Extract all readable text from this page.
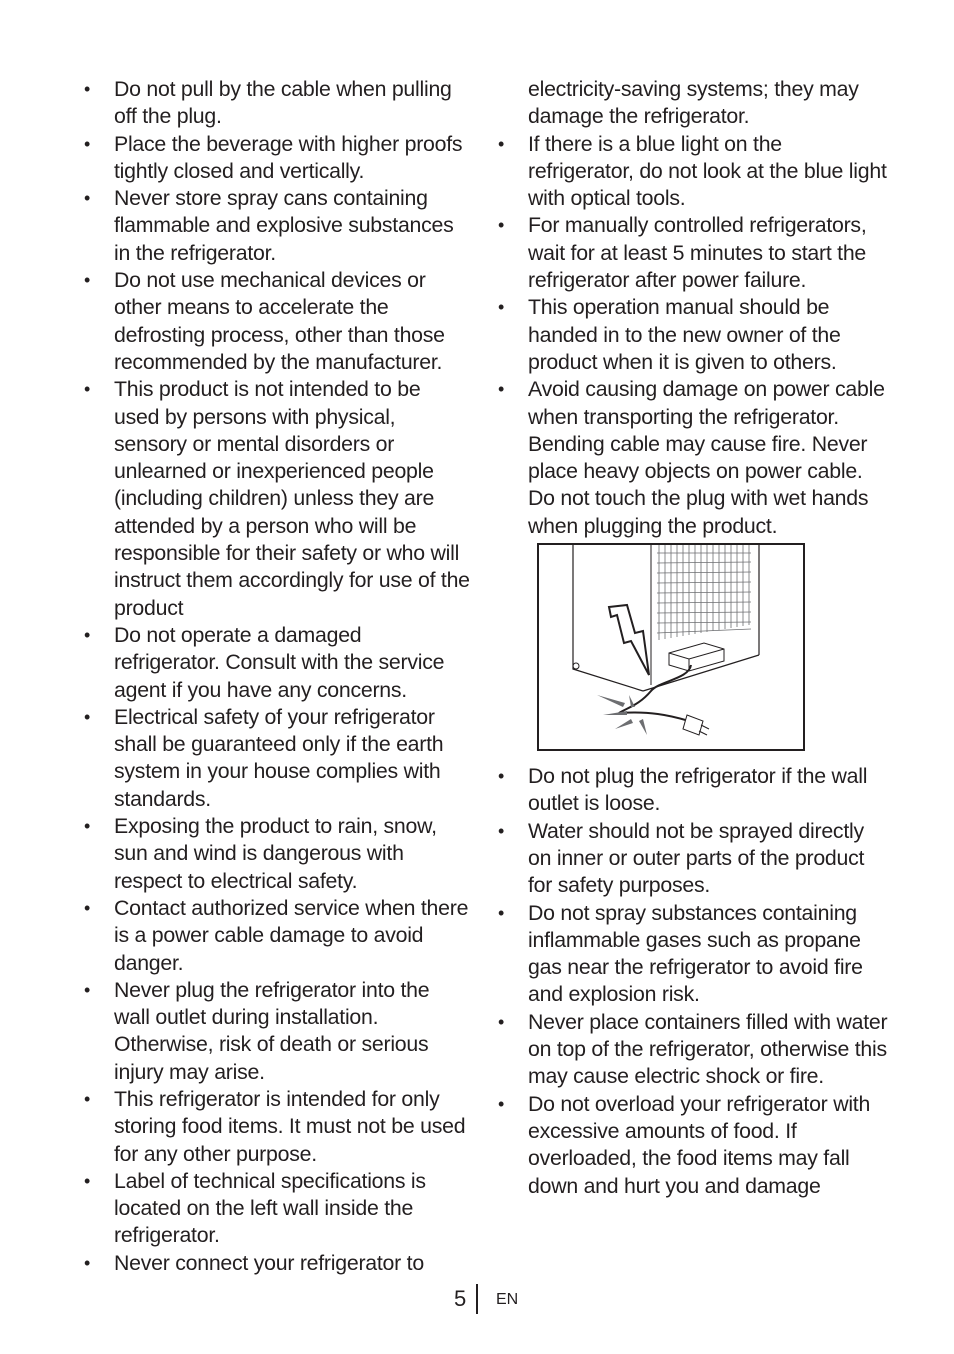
• Do not pull by the cable when pulling off the plug.
• Place the beverage with higher proofs tightly closed and vertically.
• Never store spray cans containing flammable and explosive substances in the refrigerator.
• Do not use mechanical devices or other means to accelerate the defrosting process, other than those recommended by the manufacturer.
• This product is not intended to be used by persons with physical, sensory or mental disorders or unlearned or inexperienced people (including children) unless they are attended by a person who will be responsible for their safety or who will instruct them accordingly for use of the product
• Do not operate a damaged refrigerator. Consult with the service agent if you have any concerns.
• Electrical safety of your refrigerator shall be guaranteed only if the earth system in your house complies with standards.
• Exposing the product to rain, snow, sun and wind is dangerous with respect to electrical safety.
• Contact authorized service when there is a power cable damage to avoid danger.
• Never plug the refrigerator into the wall outlet during installation. Otherwise, risk of death or serious injury may arise.
• This refrigerator is intended for only storing food items. It must not be used for any other purpose.
• Label of technical specifications is located on the left wall inside the refrigerator.
• Never connect your refrigerator to
electricity-saving systems; they may damage the refrigerator.
• If there is a blue light on the refrigerator, do not look at the blue light with optical tools.
• For manually controlled refrigerators, wait for at least 5 minutes to start the refrigerator after power failure.
• This operation manual should be handed in to the new owner of the product when it is given to others.
• Avoid causing damage on power cable when transporting the refrigerator. Bending cable may cause fire. Never place heavy objects on power cable. Do not touch the plug with wet hands when plugging the product.
• Do not plug the refrigerator if the wall outlet is loose.
• Water should not be sprayed directly on inner or outer parts of the product for safety purposes.
• Do not spray substances containing inflammable gases such as propane gas near the refrigerator to avoid fire and explosion risk.
• Never place containers filled with water on top of the refrigerator, otherwise this may cause electric shock or fire.
• Do not overload your refrigerator with excessive amounts of food. If overloaded, the food items may fall down and hurt you and damage
5 EN
